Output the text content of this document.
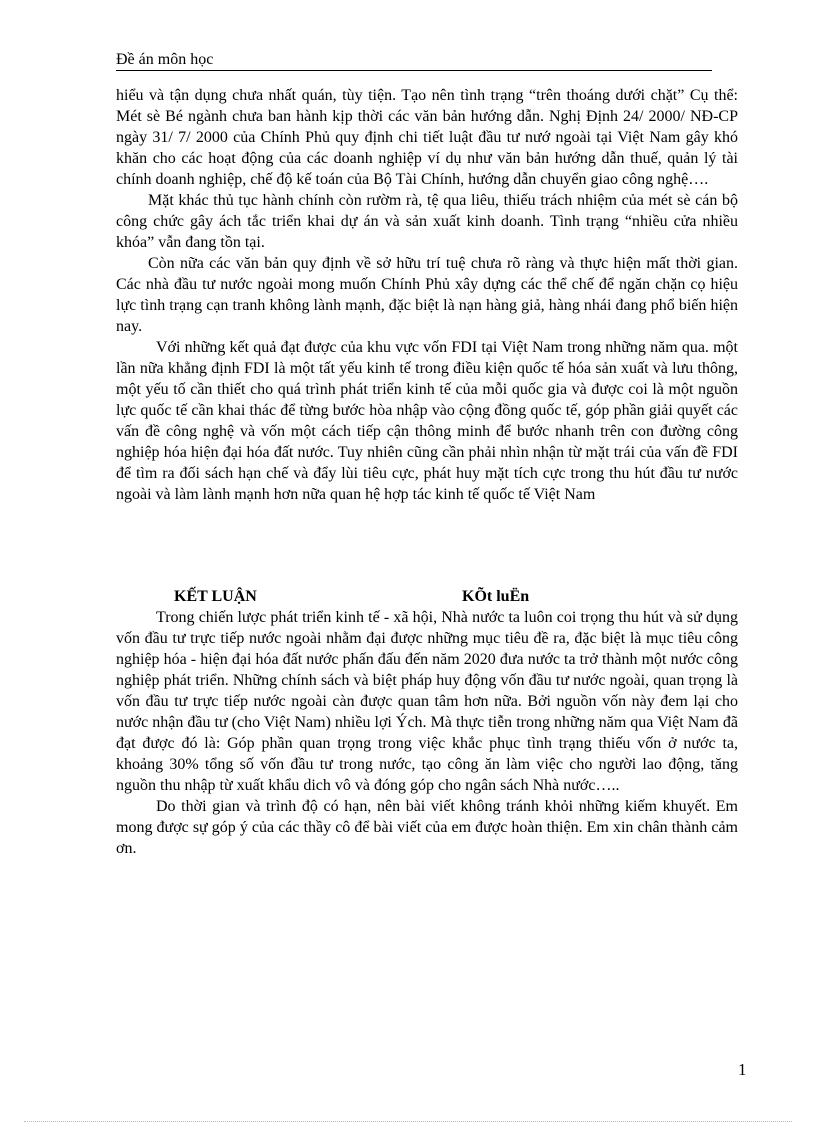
Đề án môn học

hiểu và tận dụng chưa nhất quán, tùy tiện. Tạo nên tình trạng “trên thoáng dưới chặt” Cụ thể: Mét sè Bé ngành chưa ban hành kịp thời các văn bản hướng dẫn. Nghị Định 24/ 2000/ NĐ-CP ngày 31/ 7/ 2000 của Chính Phủ quy định chi tiết luật đầu tư nướ ngoài tại Việt Nam gây khó khăn cho các hoạt động của các doanh nghiệp ví dụ như văn bản hướng dẫn thuế, quản lý tài chính doanh nghiệp, chế độ kế toán của Bộ Tài Chính, hướng dẫn chuyển giao công nghệ….

Mặt khác thủ tục hành chính còn rườm rà, tệ qua liêu, thiếu trách nhiệm của mét sè cán bộ công chức gây ách tắc triển khai dự án và sản xuất kinh doanh. Tình trạng “nhiều cửa nhiều khóa” vẫn đang tồn tại.

Còn nữa các văn bản quy định về sở hữu trí tuệ chưa rõ ràng và thực hiện mất thời gian. Các nhà đầu tư nước ngoài mong muốn Chính Phủ xây dựng các thể chế để ngăn chặn cọ hiệu lực tình trạng cạn tranh không lành mạnh, đặc biệt là nạn hàng giả, hàng nhái đang phổ biến hiện nay.

Với những kết quả đạt được của khu vực vốn FDI tại Việt Nam trong những năm qua. một lần nữa khẳng định FDI là một tất yếu kinh tế trong điều kiện quốc tế hóa sản xuất và lưu thông, một yếu tố cần thiết cho quá trình phát triển kinh tế của mỗi quốc gia và được coi là một nguồn lực quốc tế cần khai thác để từng bước hòa nhập vào cộng đồng quốc tế, góp phần giải quyết các vấn đề công nghệ và vốn một cách tiếp cận thông minh để bước nhanh trên con đường công nghiệp hóa hiện đại hóa đất nước. Tuy nhiên cũng cần phải nhìn nhận từ mặt trái của vấn đề FDI để tìm ra đối sách hạn chế và đẩy lùi tiêu cực, phát huy mặt tích cực trong thu hút đầu tư nước ngoài và làm lành mạnh hơn nữa quan hệ hợp tác kinh tế quốc tế Việt Nam

KẾT LUẬN	KÕt luËn

Trong chiến lược phát triển kinh tế - xã hội, Nhà nước ta luôn coi trọng thu hút và sử dụng vốn đầu tư trực tiếp nước ngoài nhằm đại được những mục tiêu đề ra, đặc biệt là mục tiêu công nghiệp hóa - hiện đại hóa đất nước phấn đấu đến năm 2020 đưa nước ta trở thành một nước công nghiệp phát triển. Những chính sách và biệt pháp huy động vốn đầu tư nước ngoài, quan trọng là vốn đầu tư trực tiếp nước ngoài càn được quan tâm hơn nữa. Bởi nguồn vốn này đem lại cho nước nhận đầu tư (cho Việt Nam) nhiều lợi Ých. Mà thực tiễn trong những năm qua Việt Nam đã đạt được đó là: Góp phần quan trọng trong việc khắc phục tình trạng thiếu vốn ở nước ta, khoảng 30% tổng số vốn đầu tư trong nước, tạo công ăn làm việc cho người lao động, tăng nguồn thu nhập từ xuất khẩu dich vô và đóng góp cho ngân sách Nhà nước…..

Do thời gian và trình độ có hạn, nên bài viết không tránh khỏi những kiếm khuyết. Em mong được sự góp ý của các thầy cô để bài viết của em được hoàn thiện. Em xin chân thành cảm ơn.

1
